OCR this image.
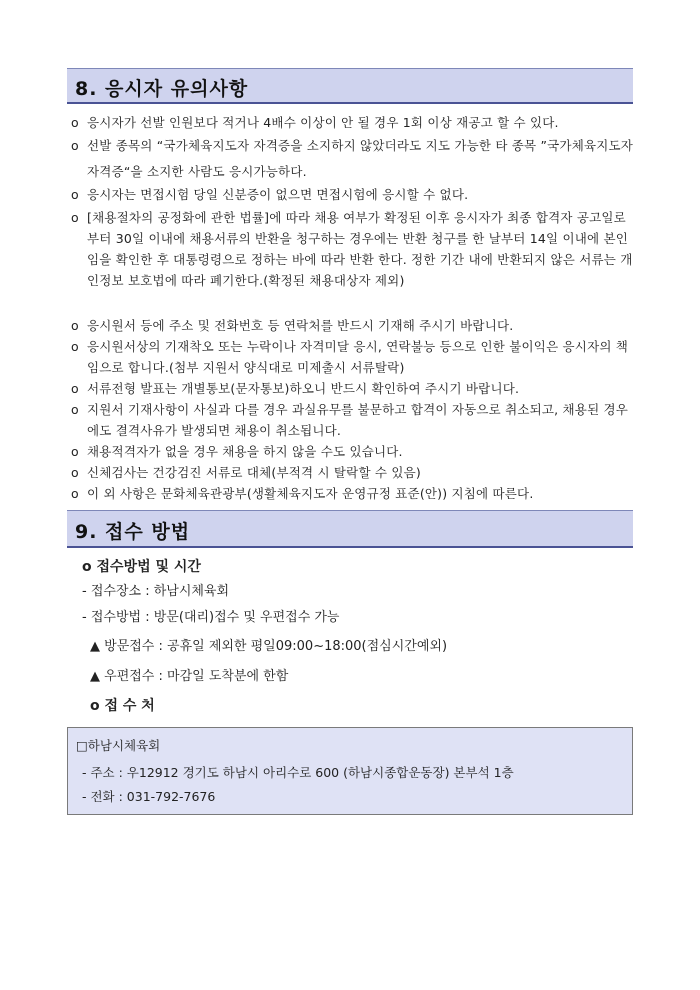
8. 응시자 유의사항
o 응시자가 선발 인원보다 적거나 4배수 이상이 안 될 경우 1회 이상 재공고 할 수 있다.
o 선발 종목의 “국가체육지도자 자격증을 소지하지 않았더라도 지도 가능한 타 종목 ”국가체육지도자 자격증“을 소지한 사람도 응시가능하다.
o 응시자는 면접시험 당일 신분증이 없으면 면접시험에 응시할 수 없다.
o [채용절차의 공정화에 관한 법률]에 따라 채용 여부가 확정된 이후 응시자가 최종 합격자 공고일로부터 30일 이내에 채용서류의 반환을 청구하는 경우에는 반환 청구를 한 날부터 14일 이내에 본인임을 확인한 후 대통령령으로 정하는 바에 따라 반환 한다. 정한 기간 내에 반환되지 않은 서류는 개인정보 보호법에 따라 폐기한다.(확정된 채용대상자 제외)
o 응시원서 등에 주소 및 전화번호 등 연락처를 반드시 기재해 주시기 바랍니다.
o 응시원서상의 기재착오 또는 누락이나 자격미달 응시, 연락불능 등으로 인한 불이익은 응시자의 책임으로 합니다.(첨부 지원서 양식대로 미제출시 서류탈락)
o 서류전형 발표는 개별통보(문자통보)하오니 반드시 확인하여 주시기 바랍니다.
o 지원서 기재사항이 사실과 다를 경우 과실유무를 불문하고 합격이 자동으로 취소되고, 채용된 경우에도 결격사유가 발생되면 채용이 취소됩니다.
o 채용적격자가 없을 경우 채용을 하지 않을 수도 있습니다.
o 신체검사는 건강검진 서류로 대체(부적격 시 탈락할 수 있음)
o 이 외 사항은 문화체육관광부(생활체육지도자 운영규정 표준(안)) 지침에 따른다.
9. 접수 방법
o 접수방법 및 시간
- 접수장소 : 하남시체육회
- 접수방법 : 방문(대리)접수 및 우편접수 가능
▲ 방문접수 : 공휴일 제외한 평일09:00~18:00(점심시간예외)
▲ 우편접수 : 마감일 도착분에 한함
o 접 수 처
□하남시체육회
- 주소 : 우12912 경기도 하남시 아리수로 600 (하남시종합운동장) 본부석 1층
- 전화 : 031-792-7676
